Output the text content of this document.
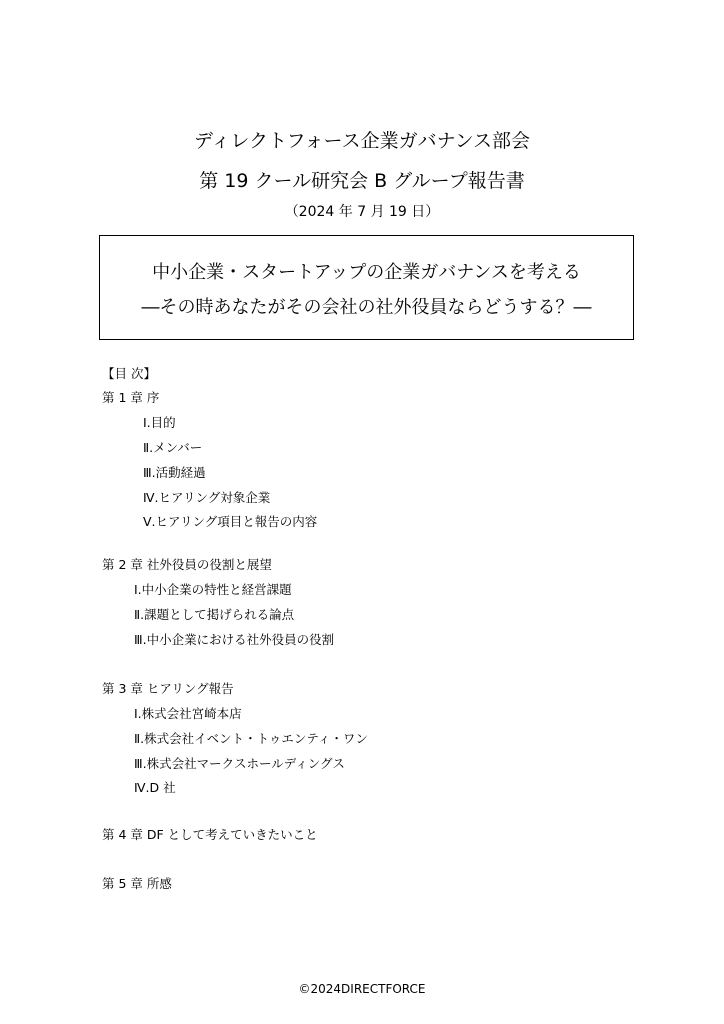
ディレクトフォース企業ガバナンス部会
第 19 クール研究会 B グループ報告書
（2024 年 7 月 19 日）
中小企業・スタートアップの企業ガバナンスを考える
―その時あなたがその会社の社外役員ならどうする？―
【目 次】
第 1 章 序
Ⅰ.目的
Ⅱ.メンバー
Ⅲ.活動経過
Ⅳ.ヒアリング対象企業
Ⅴ.ヒアリング項目と報告の内容
第 2 章 社外役員の役割と展望
Ⅰ.中小企業の特性と経営課題
Ⅱ.課題として掲げられる論点
Ⅲ.中小企業における社外役員の役割
第 3 章 ヒアリング報告
Ⅰ.株式会社宮崎本店
Ⅱ.株式会社イベント・トゥエンティ・ワン
Ⅲ.株式会社マークスホールディングス
Ⅳ.D 社
第 4 章 DF として考えていきたいこと
第 5 章 所感
©2024DIRECTFORCE
